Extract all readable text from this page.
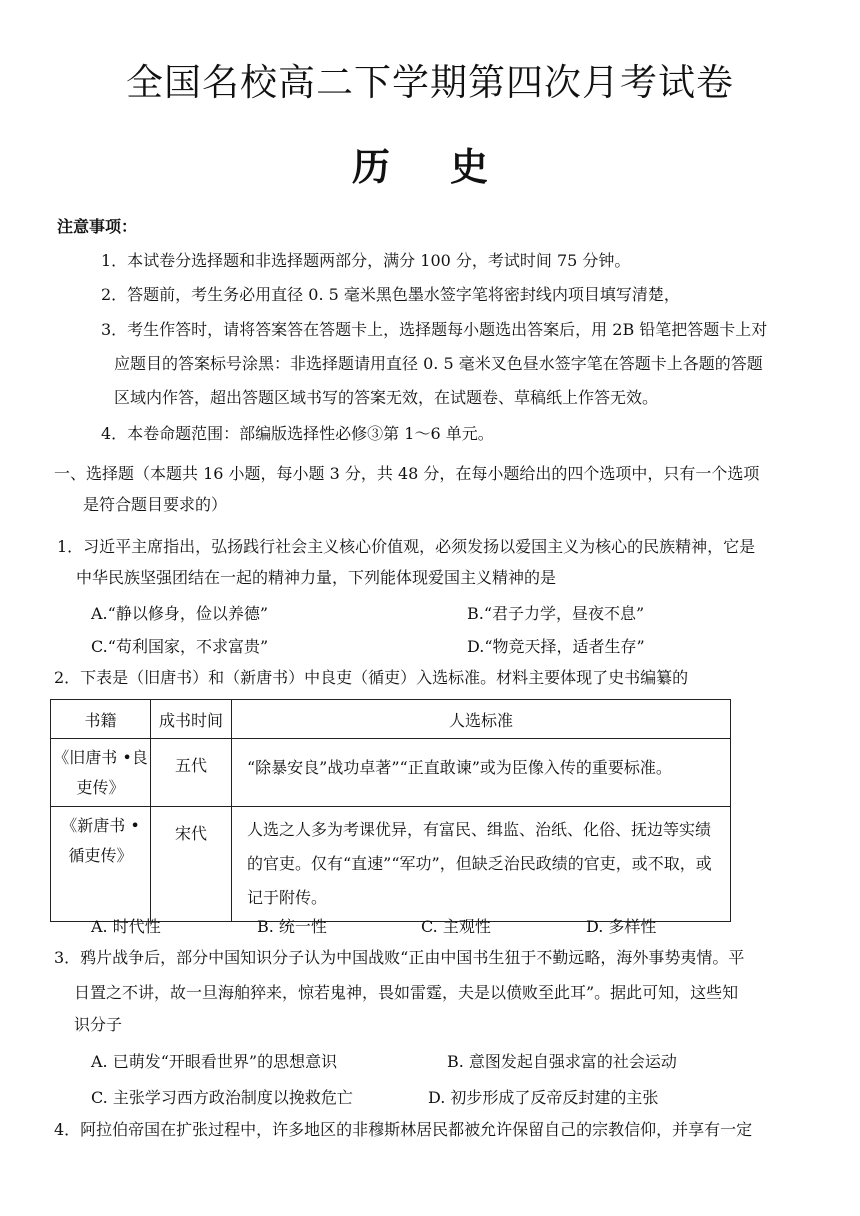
全国名校高二下学期第四次月考试卷
历史
注意事项：
1．本试卷分选择题和非选择题两部分，满分 100 分，考试时间 75 分钟。
2．答题前，考生务必用直径 0. 5 毫米黑色墨水签字笔将密封线内项目填写清楚，
3．考生作答时，请将答案答在答题卡上，选择题每小题选出答案后，用 2B 铅笔把答题卡上对
应题目的答案标号涂黑：非选择题请用直径 0. 5 毫米叉色昼水签字笔在答题卡上各题的答题
区域内作答，超出答题区域书写的答案无效，在试题卷、草稿纸上作答无效。
4．本卷命题范围：部编版选择性必修③第 1～6 单元。
一、选择题（本题共 16 小题，每小题 3 分，共 48 分，在每小题给出的四个选项中，只有一个选项
是符合题目要求的）
1．习近平主席指出，弘扬践行社会主义核心价值观，必须发扬以爱国主义为核心的民族精神，它是
中华民族坚强团结在一起的精神力量，下列能体现爱国主义精神的是
A.“静以修身，俭以养德”	B.“君子力学，昼夜不息”
C.“苟利国家，不求富贵”	D.“物竞天择，适者生存”
2．下表是（旧唐书）和（新唐书）中良吏（循吏）入选标准。材料主要体现了史书编纂的
书籍	成书时间	人选标准

《旧唐书 •良
吏传》	五代	“除暴安良”战功卓著”“正直敢谏”或为臣像入传的重要标准。

《新唐书 •
循吏传》	宋代	人选之人多为考课优异，有富民、缉监、治纸、化俗、抚边等实绩的官吏。仅有“直速”“军功”，但缺乏治民政绩的官吏，或不取，或记于附传。
A. 时代性	B. 统一性	C. 主观性	D. 多样性
3．鸦片战争后，部分中国知识分子认为中国战败“正由中国书生狃于不勤远略，海外事势夷情。平
日置之不讲，故一旦海舶猝来，惊若鬼神，畏如雷霆，夫是以偾败至此耳”。据此可知，这些知
识分子
A. 已萌发“开眼看世界”的思想意识	B. 意图发起自强求富的社会运动
C. 主张学习西方政治制度以挽救危亡	D. 初步形成了反帝反封建的主张
4．阿拉伯帝国在扩张过程中，许多地区的非穆斯林居民都被允许保留自己的宗教信仰，并享有一定
